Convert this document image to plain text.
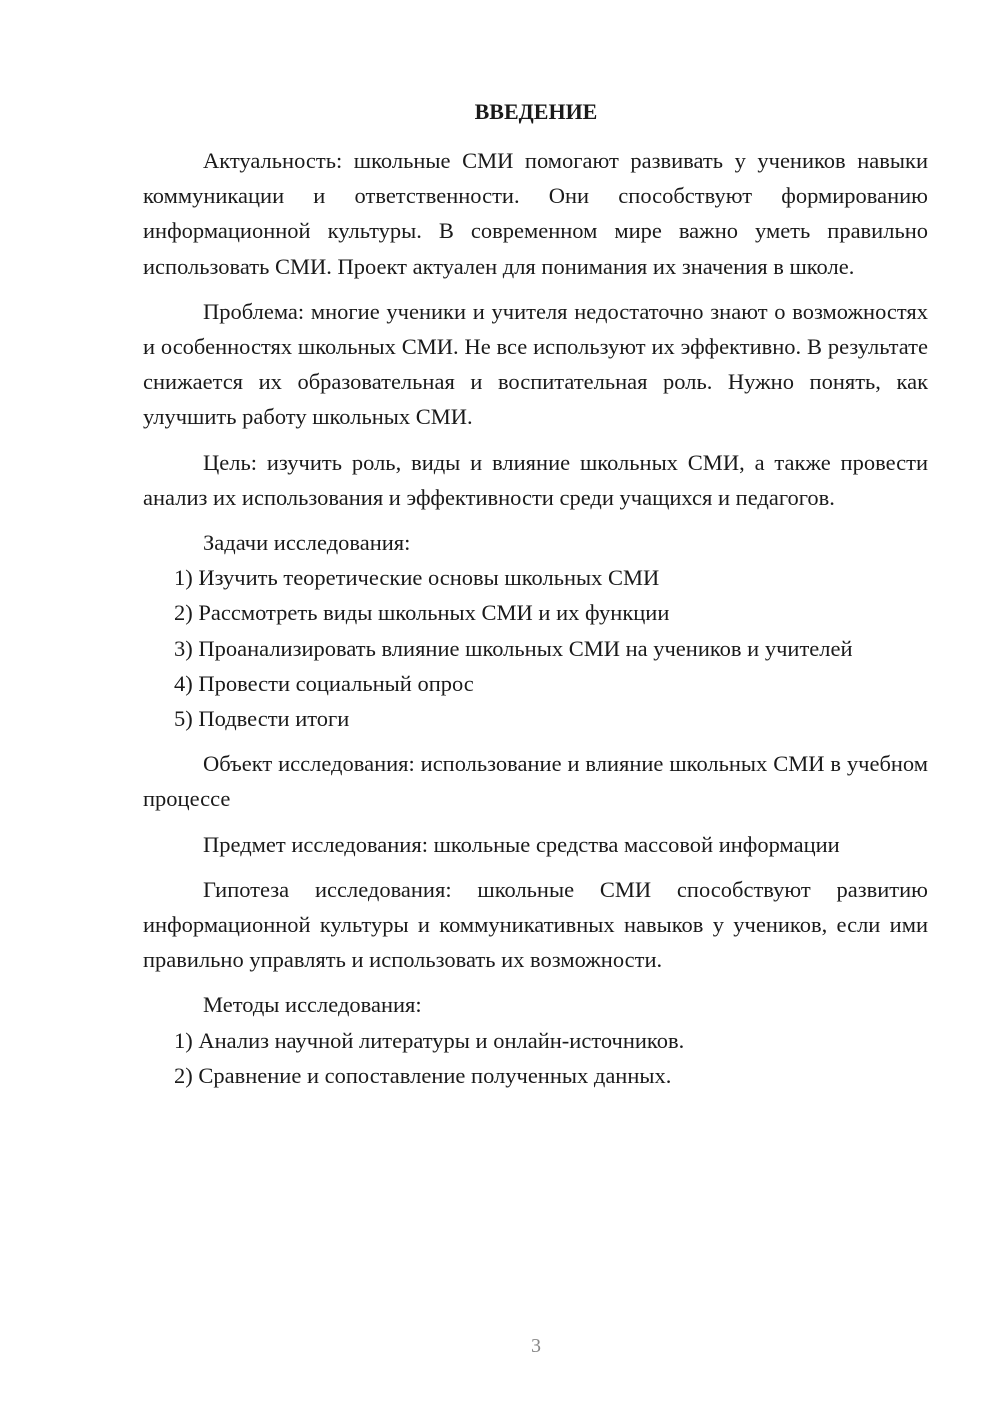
ВВЕДЕНИЕ

Актуальность: школьные СМИ помогают развивать у учеников навыки коммуникации и ответственности. Они способствуют формированию информационной культуры. В современном мире важно уметь правильно использовать СМИ. Проект актуален для понимания их значения в школе.

Проблема: многие ученики и учителя недостаточно знают о возможностях и особенностях школьных СМИ. Не все используют их эффективно. В результате снижается их образовательная и воспитательная роль. Нужно понять, как улучшить работу школьных СМИ.

Цель: изучить роль, виды и влияние школьных СМИ, а также провести анализ их использования и эффективности среди учащихся и педагогов.

Задачи исследования:

1) Изучить теоретические основы школьных СМИ

2) Рассмотреть виды школьных СМИ и их функции

3) Проанализировать влияние школьных СМИ на учеников и учителей

4) Провести социальный опрос

5) Подвести итоги

Объект исследования: использование и влияние школьных СМИ в учебном процессе

Предмет исследования: школьные средства массовой информации

Гипотеза исследования: школьные СМИ способствуют развитию информационной культуры и коммуникативных навыков у учеников, если ими правильно управлять и использовать их возможности.

Методы исследования:

1) Анализ научной литературы и онлайн-источников.

2) Сравнение и сопоставление полученных данных.

3
